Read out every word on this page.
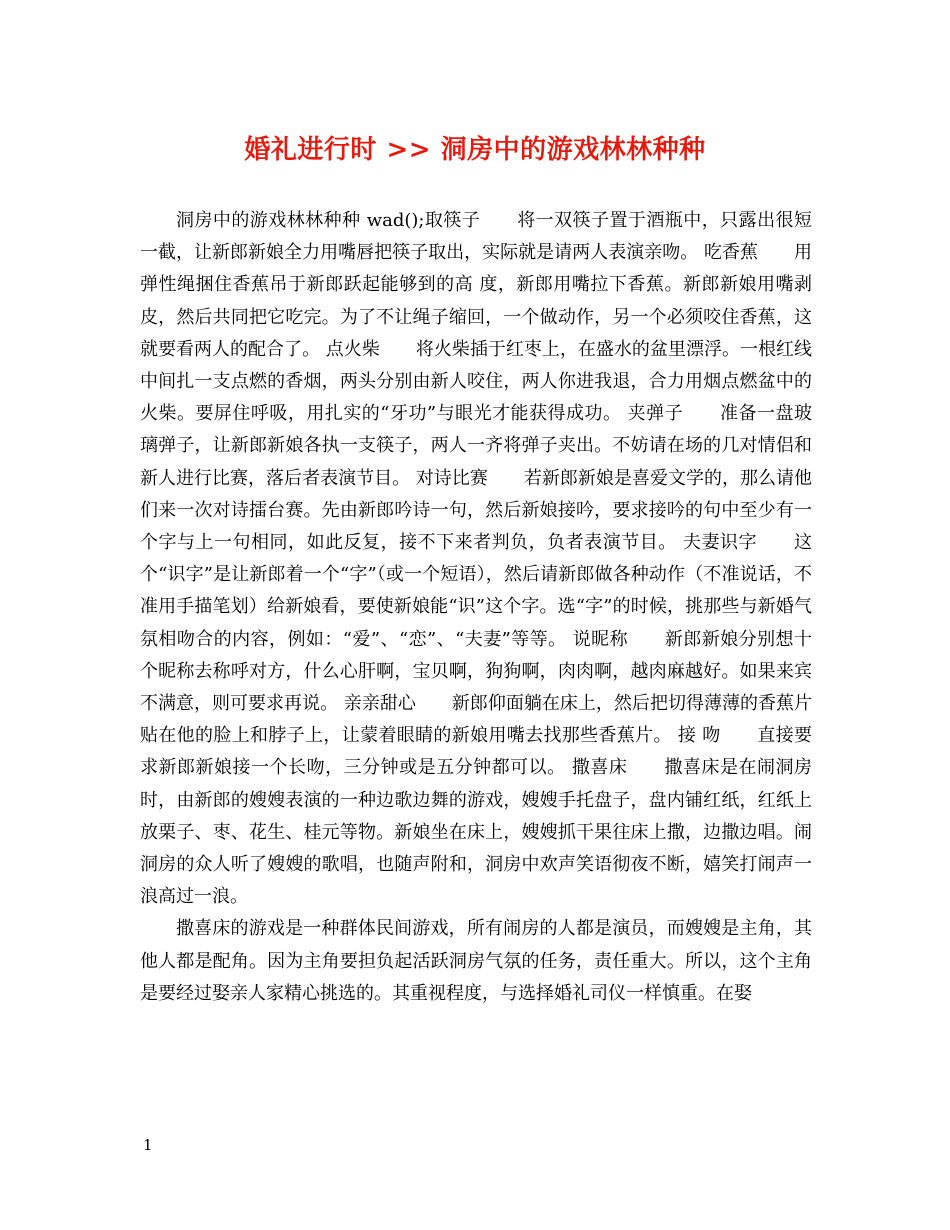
婚礼进行时 >> 洞房中的游戏林林种种

洞房中的游戏林林种种 wad();取筷子　　将一双筷子置于酒瓶中，只露出很短一截，让新郎新娘全力用嘴唇把筷子取出，实际就是请两人表演亲吻。 吃香蕉　　用弹性绳捆住香蕉吊于新郎跃起能够到的高 度，新郎用嘴拉下香蕉。新郎新娘用嘴剥皮，然后共同把它吃完。为了不让绳子缩回，一个做动作，另一个必须咬住香蕉，这就要看两人的配合了。 点火柴　　将火柴插于红枣上，在盛水的盆里漂浮。一根红线中间扎一支点燃的香烟，两头分别由新人咬住，两人你进我退，合力用烟点燃盆中的火柴。要屏住呼吸，用扎实的“牙功”与眼光才能获得成功。 夹弹子　　准备一盘玻璃弹子，让新郎新娘各执一支筷子，两人一齐将弹子夹出。不妨请在场的几对情侣和新人进行比赛，落后者表演节目。 对诗比赛　　若新郎新娘是喜爱文学的，那么请他们来一次对诗擂台赛。先由新郎吟诗一句，然后新娘接吟，要求接吟的句中至少有一个字与上一句相同，如此反复，接不下来者判负，负者表演节目。 夫妻识字　　这个“识字”是让新郎着一个“字”（或一个短语），然后请新郎做各种动作（不准说话，不准用手描笔划）给新娘看，要使新娘能“识”这个字。选“字”的时候，挑那些与新婚气氛相吻合的内容，例如：“爱”、“恋”、“夫妻”等等。 说昵称　　新郎新娘分别想十个昵称去称呼对方，什么心肝啊，宝贝啊，狗狗啊，肉肉啊，越肉麻越好。如果来宾不满意，则可要求再说。 亲亲甜心　　新郎仰面躺在床上，然后把切得薄薄的香蕉片贴在他的脸上和脖子上，让蒙着眼睛的新娘用嘴去找那些香蕉片。 接 吻　　直接要求新郎新娘接一个长吻，三分钟或是五分钟都可以。 撒喜床　　撒喜床是在闹洞房时，由新郎的嫂嫂表演的一种边歌边舞的游戏，嫂嫂手托盘子，盘内铺红纸，红纸上放栗子、枣、花生、桂元等物。新娘坐在床上，嫂嫂抓干果往床上撒，边撒边唱。闹洞房的众人听了嫂嫂的歌唱，也随声附和，洞房中欢声笑语彻夜不断，嬉笑打闹声一浪高过一浪。

撒喜床的游戏是一种群体民间游戏，所有闹房的人都是演员，而嫂嫂是主角，其他人都是配角。因为主角要担负起活跃洞房气氛的任务，责任重大。所以，这个主角是要经过娶亲人家精心挑选的。其重视程度，与选择婚礼司仪一样慎重。在娶

1
